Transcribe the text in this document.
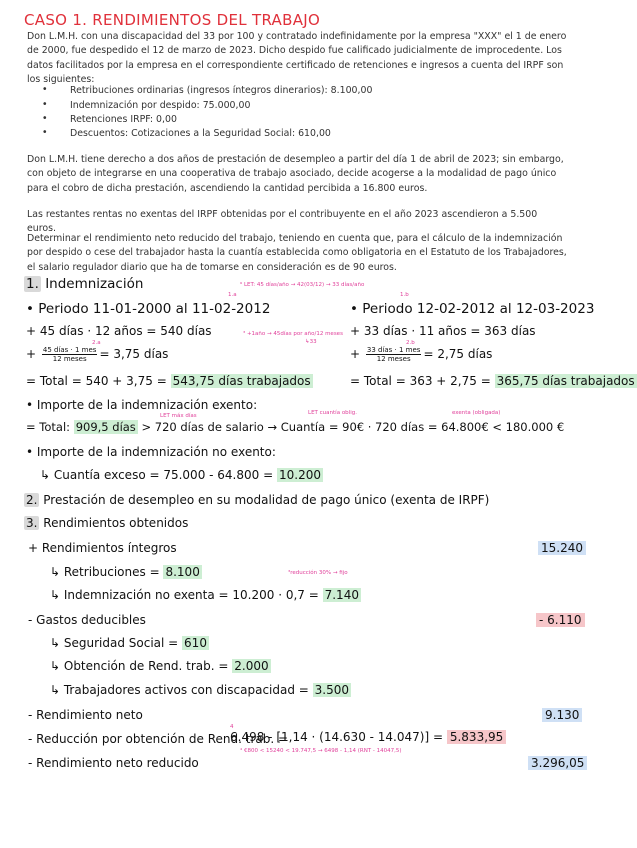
CASO 1. RENDIMIENTOS DEL TRABAJO
Don L.M.H. con una discapacidad del 33 por 100 y contratado indefinidamente por la empresa "XXX" el 1 de enero de 2000, fue despedido el 12 de marzo de 2023. Dicho despido fue calificado judicialmente de improcedente. Los datos facilitados por la empresa en el correspondiente certificado de retenciones e ingresos a cuenta del IRPF son los siguientes:
• Retribuciones ordinarias (ingresos íntegros dinerarios): 8.100,00
• Indemnización por despido: 75.000,00
• Retenciones IRPF: 0,00
• Descuentos: Cotizaciones a la Seguridad Social: 610,00
Don L.M.H. tiene derecho a dos años de prestación de desempleo a partir del día 1 de abril de 2023; sin embargo, con objeto de integrarse en una cooperativa de trabajo asociado, decide acogerse a la modalidad de pago único para el cobro de dicha prestación, ascendiendo la cantidad percibida a 16.800 euros.
Las restantes rentas no exentas del IRPF obtenidas por el contribuyente en el año 2023 ascendieron a 5.500 euros.
Determinar el rendimiento neto reducido del trabajo, teniendo en cuenta que, para el cálculo de la indemnización por despido o cese del trabajador hasta la cuantía establecida como obligatoria en el Estatuto de los Trabajadores, el salario regulador diario que ha de tomarse en consideración es de 90 euros.
1. Indemnización	⁶ LET: 45 días/año → 42(03/12) → 33 días/año
1.a
• Periodo 11-01-2000 al 11-02-2012
+ 45 días · 12 años = 540 días
+ $\frac{\text{45 días · 1 mes}}{\text{12 meses}} = 3,75$ días
2.a
= Total = 540 + 3,75 = 543,75 días trabajados
³ +1año → 45días por año/12 meses
↳33
1.b
• Periodo 12-02-2012 al 12-03-2023
+ 33 días · 11 años = 363 días
+ $\frac{\text{33 días · 1 mes}}{\text{12 meses}} = 2,75$ días
2.b
= Total = 363 + 2,75 = 365,75 días trabajados
• Importe de la indemnización exento:
LET máx días	LET cuantía oblig.	exenta (obligada)
= Total: 909,5 días > 720 días de salario → Cuantía = 90€ · 720 días = 64.800€ < 180.000 €
• Importe de la indemnización no exento:
↳ Cuantía exceso = 75.000 - 64.800 = 10.200
2. Prestación de desempleo en su modalidad de pago único (exenta de IRPF)
3. Rendimientos obtenidos
+ Rendimientos íntegros	15.240
↳ Retribuciones = 8.100	³reducción 30% → fijo
↳ Indemnización no exenta = 10.200 · 0,7 = 7.140
- Gastos deducibles	- 6.110
↳ Seguridad Social = 610
↳ Obtención de Rend. trab. = 2.000
↳ Trabajadores activos con discapacidad = 3.500
- Rendimiento neto	9.130
4
- Reducción por obtención de Rend. trab. =
6.498 - [1,14 · (14.630 - 14.047)] = 5.833,95
⁴ €800 < 15240 < 19.747,5 → 6498 - 1,14 (RNT - 14047,5)
- Rendimiento neto reducido	3.296,05
